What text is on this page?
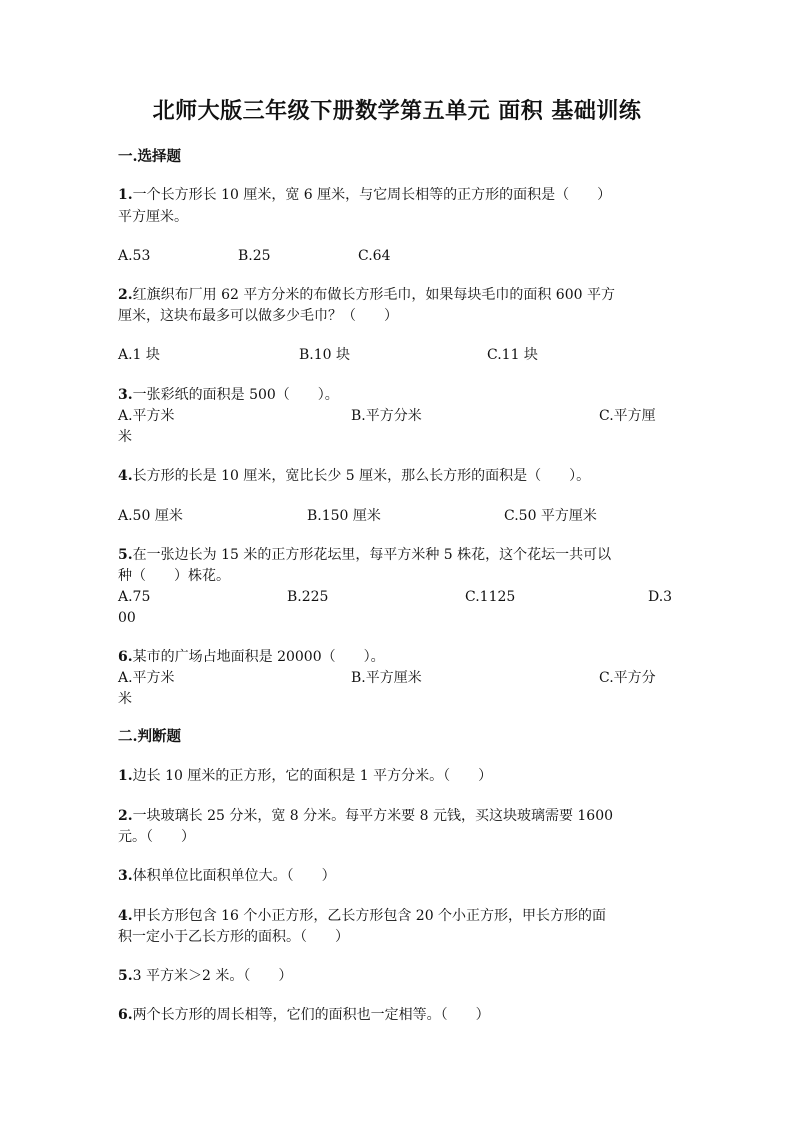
北师大版三年级下册数学第五单元 面积 基础训练
一.选择题
1.一个长方形长 10 厘米，宽 6 厘米，与它周长相等的正方形的面积是（　　）
平方厘米。
A.53	B.25	C.64
2.红旗织布厂用 62 平方分米的布做长方形毛巾，如果每块毛巾的面积 600 平方
厘米，这块布最多可以做多少毛巾？（　　）
A.1 块	B.10 块	C.11 块
3.一张彩纸的面积是 500（　　）。
A.平方米	B.平方分米	C.平方厘
米
4.长方形的长是 10 厘米，宽比长少 5 厘米，那么长方形的面积是（　　）。
A.50 厘米	B.150 厘米	C.50 平方厘米
5.在一张边长为 15 米的正方形花坛里，每平方米种 5 株花，这个花坛一共可以
种（　　）株花。
A.75	B.225	C.1125	D.3
00
6.某市的广场占地面积是 20000（　　）。
A.平方米	B.平方厘米	C.平方分
米
二.判断题
1.边长 10 厘米的正方形，它的面积是 1 平方分米。（　　）
2.一块玻璃长 25 分米，宽 8 分米。每平方米要 8 元钱，买这块玻璃需要 1600
元。（　　）
3.体积单位比面积单位大。（　　）
4.甲长方形包含 16 个小正方形，乙长方形包含 20 个小正方形，甲长方形的面
积一定小于乙长方形的面积。（　　）
5.3 平方米＞2 米。（　　）
6.两个长方形的周长相等，它们的面积也一定相等。（　　）
